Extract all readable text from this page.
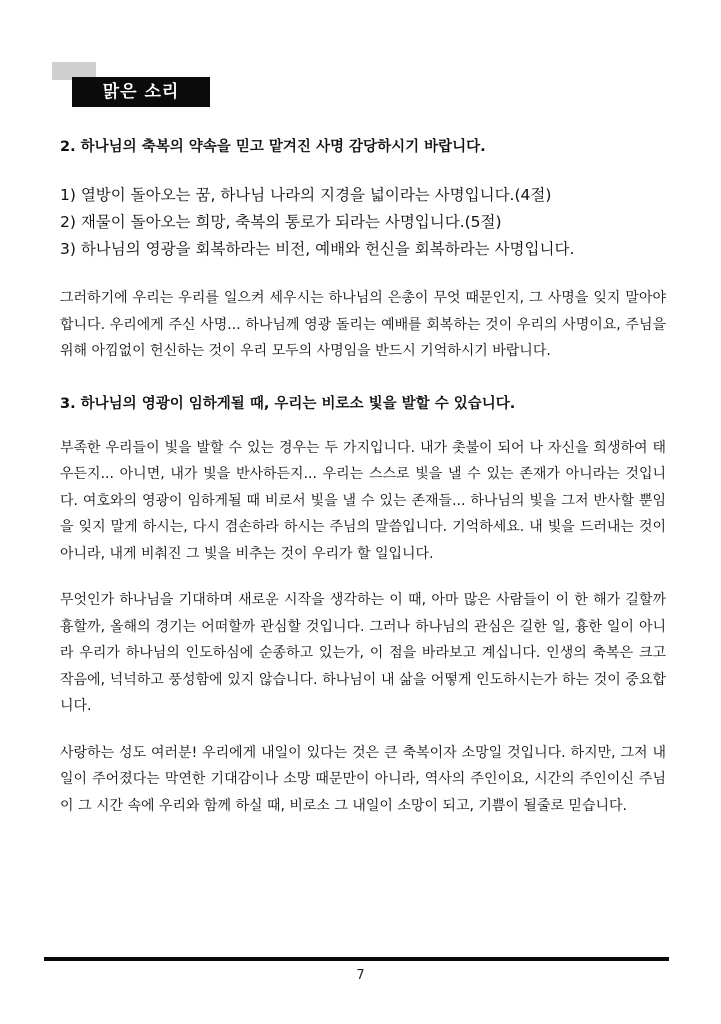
맑은 소리

2. 하나님의 축복의 약속을 믿고 맡겨진 사명 감당하시기 바랍니다.

1) 열방이 돌아오는 꿈, 하나님 나라의 지경을 넓이라는 사명입니다.(4절)
2) 재물이 돌아오는 희망, 축복의 통로가 되라는 사명입니다.(5절)
3) 하나님의 영광을 회복하라는 비전, 예배와 헌신을 회복하라는 사명입니다.

그러하기에 우리는 우리를 일으켜 세우시는 하나님의 은총이 무엇 때문인지, 그 사명을 잊지 말아야 합니다. 우리에게 주신 사명... 하나님께 영광 돌리는 예배를 회복하는 것이 우리의 사명이요, 주님을 위해 아낌없이 헌신하는 것이 우리 모두의 사명임을 반드시 기억하시기 바랍니다.

3. 하나님의 영광이 임하게될 때, 우리는 비로소 빛을 발할 수 있습니다.

부족한 우리들이 빛을 발할 수 있는 경우는 두 가지입니다. 내가 촛불이 되어 나 자신을 희생하여 태우든지... 아니면, 내가 빛을 반사하든지... 우리는 스스로 빛을 낼 수 있는 존재가 아니라는 것입니다. 여호와의 영광이 임하게될 때 비로서 빛을 낼 수 있는 존재들... 하나님의 빛을 그저 반사할 뿐임을 잊지 말게 하시는, 다시 겸손하라 하시는 주님의 말씀입니다. 기억하세요. 내 빛을 드러내는 것이 아니라, 내게 비춰진 그 빛을 비추는 것이 우리가 할 일입니다.

무엇인가 하나님을 기대하며 새로운 시작을 생각하는 이 때, 아마 많은 사람들이 이 한 해가 길할까 흉할까, 올해의 경기는 어떠할까 관심할 것입니다. 그러나 하나님의 관심은 길한 일, 흉한 일이 아니라 우리가 하나님의 인도하심에 순종하고 있는가, 이 점을 바라보고 계십니다. 인생의 축복은 크고 작음에, 넉넉하고 풍성함에 있지 않습니다. 하나님이 내 삶을 어떻게 인도하시는가 하는 것이 중요합니다.

사랑하는 성도 여러분! 우리에게 내일이 있다는 것은 큰 축복이자 소망일 것입니다. 하지만, 그저 내일이 주어졌다는 막연한 기대감이나 소망 때문만이 아니라, 역사의 주인이요, 시간의 주인이신 주님이 그 시간 속에 우리와 함께 하실 때, 비로소 그 내일이 소망이 되고, 기쁨이 될줄로 믿습니다.

7
